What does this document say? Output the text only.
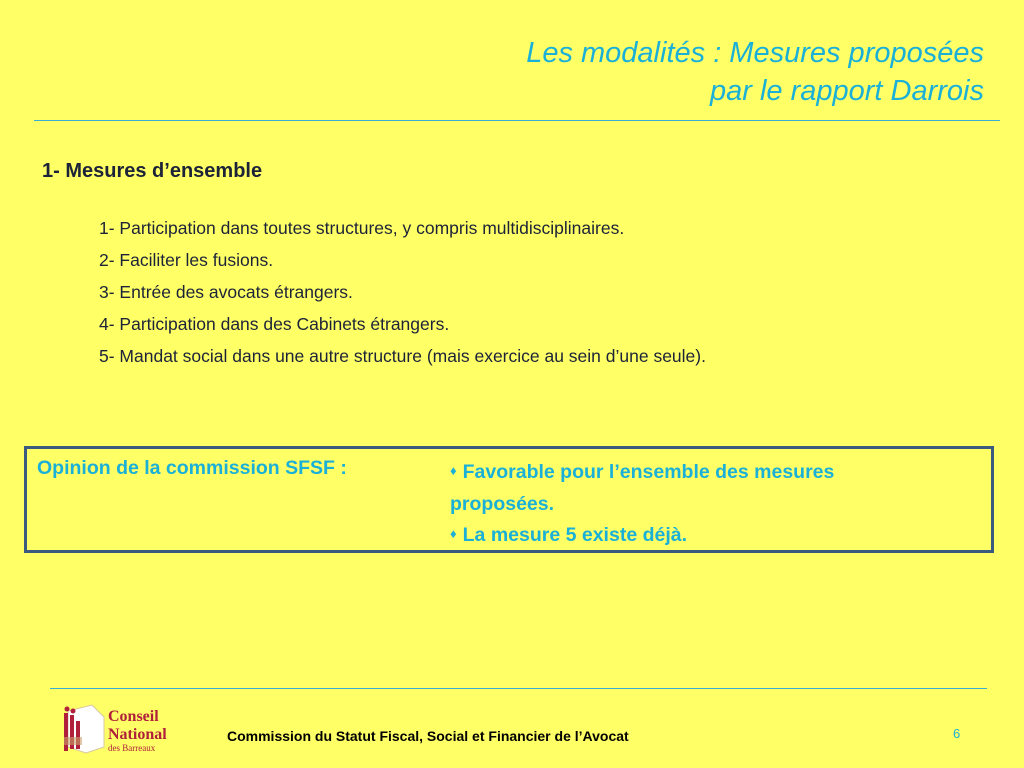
Les modalités : Mesures proposées
par le rapport Darrois
1- Mesures d’ensemble
1- Participation dans toutes structures, y compris multidisciplinaires.
2- Faciliter les fusions.
3- Entrée des avocats étrangers.
4- Participation dans des Cabinets étrangers.
5- Mandat social dans une autre structure (mais exercice au sein d’une seule).
Opinion de la commission SFSF :	♦ Favorable pour l’ensemble des mesures
proposées.
♦ La mesure 5 existe déjà.
Conseil
National
des Barreaux
Commission du Statut Fiscal, Social et Financier de l’Avocat	6
